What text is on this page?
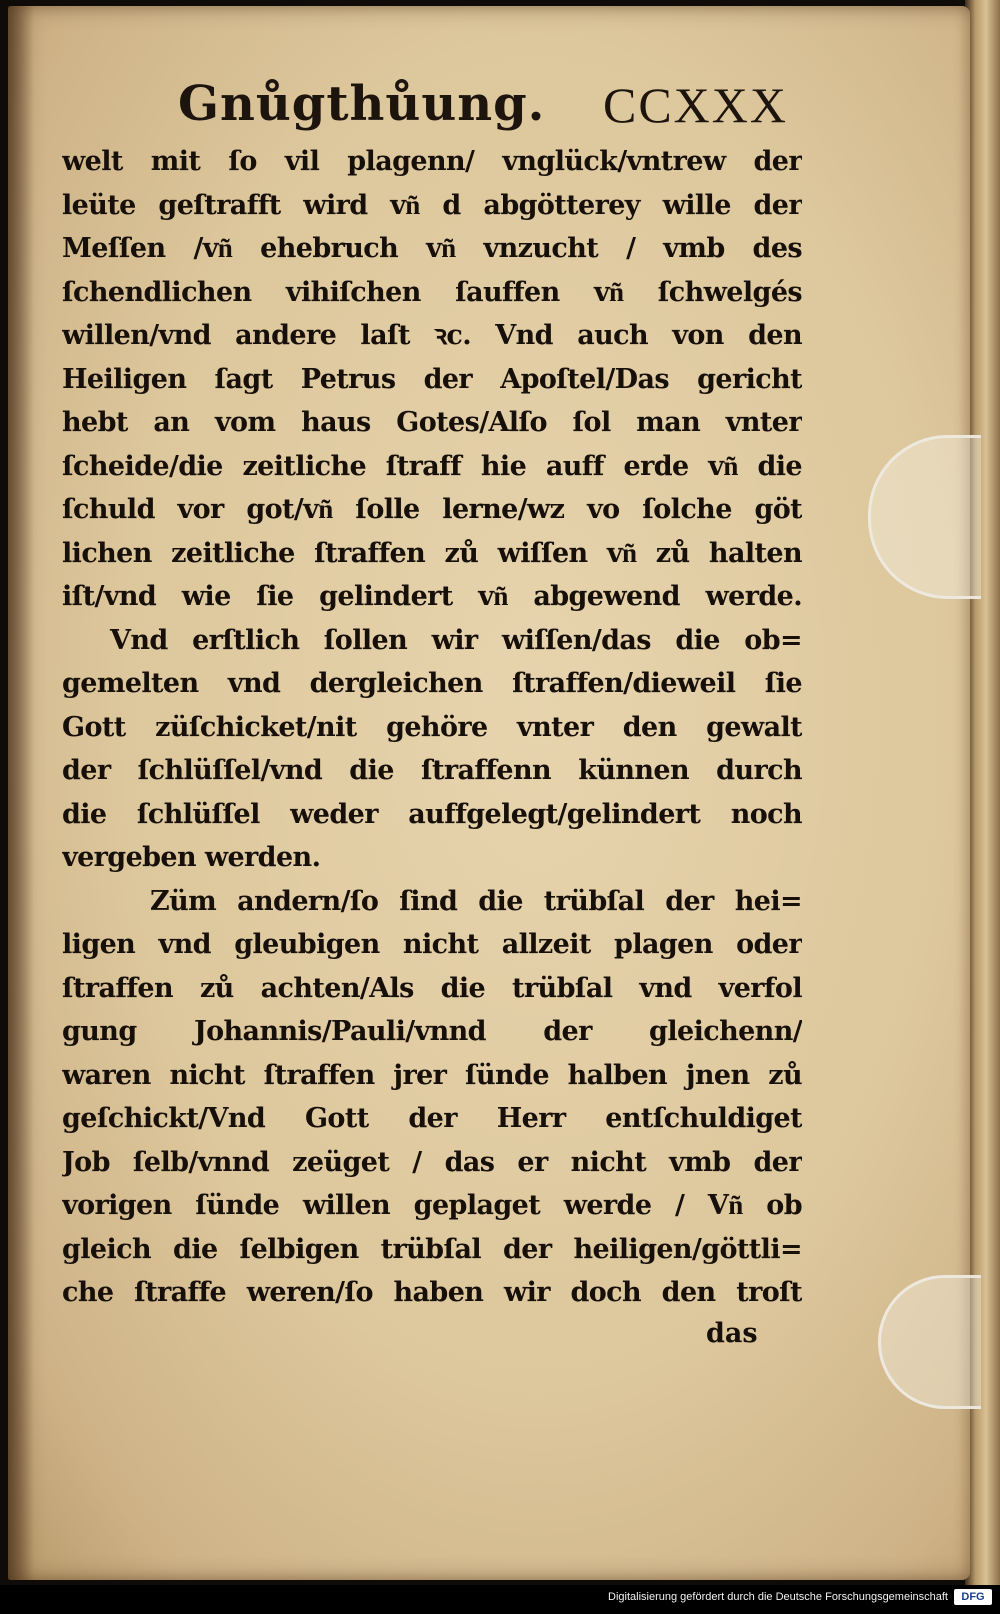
Gnůgthůung. CCXXX
welt mit ſo vil plagenn/ vnglück/vntrew der
leüte geſtrafft wird vn͂ d abgötterey wille der
Meſſen /vn͂ ehebruch vn͂ vnzucht / vmb des
ſchendlichen vihiſchen ſauffen vn͂ ſchwelgés
willen/vnd andere laſt ꝛc. Vnd auch von den
Heiligen ſagt Petrus der Apoſtel/Das gericht
hebt an vom haus Gotes/Alſo ſol man vnter
ſcheide/die zeitliche ſtraff hie auff erde vn͂ die
ſchuld vor got/vn͂ ſolle lerne/wz vo ſolche göt
lichen zeitliche ſtraffen zů wiſſen vn͂ zů halten
iſt/vnd wie ſie gelindert vn͂ abgewend werde.
Vnd erſtlich ſollen wir wiſſen/das die ob=
gemelten vnd dergleichen ſtraffen/dieweil ſie
Gott züſchicket/nit gehöre vnter den gewalt
der ſchlüſſel/vnd die ſtraffenn künnen durch
die ſchlüſſel weder auffgelegt/gelindert noch
vergeben werden.
Züm andern/ſo ſind die trübſal der hei=
ligen vnd gleubigen nicht allzeit plagen oder
ſtraffen zů achten/Als die trübſal vnd verfol
gung Johannis/Pauli/vnnd der gleichenn/
waren nicht ſtraffen jrer ſünde halben jnen zů
geſchickt/Vnd Gott der Herr entſchuldiget
Job ſelb/vnnd zeüget / das er nicht vmb der
vorigen ſünde willen geplaget werde / Vn͂ ob
gleich die ſelbigen trübſal der heiligen/göttli=
che ſtraffe weren/ſo haben wir doch den troſt
das
Digitalisierung gefördert durch die Deutsche Forschungsgemeinschaft	DFG
